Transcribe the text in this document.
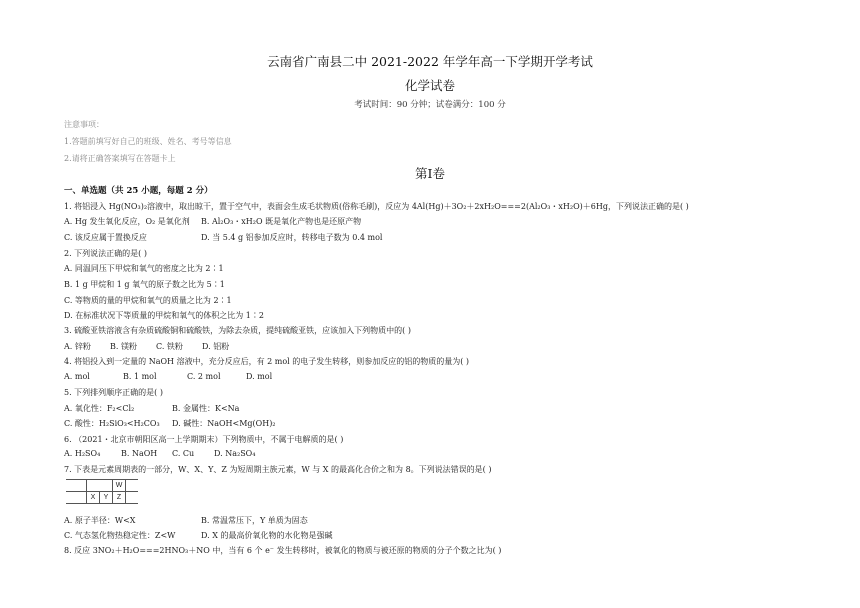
云南省广南县二中 2021-2022 年学年高一下学期开学考试
化学试卷
考试时间：90 分钟；试卷满分：100 分
注意事项：
1.答题前填写好自己的班级、姓名、考号等信息
2.请将正确答案填写在答题卡上
第Ⅰ卷
一、单选题（共 25 小题，每题 2 分）
1. 将铝浸入 Hg(NO₃)₂溶液中，取出晾干，置于空气中，表面会生成毛状物质(俗称毛刷)，反应为 4Al(Hg)＋3O₂＋2xH₂O===2(Al₂O₃・xH₂O)＋6Hg，下列说法正确的是( )
A. Hg 发生氧化反应，O₂ 是氧化剂 B. Al₂O₃・xH₂O 既是氧化产物也是还原产物
C. 该反应属于置换反应	D. 当 5.4 g 铝参加反应时，转移电子数为 0.4 mol
2. 下列说法正确的是( )
A. 同温同压下甲烷和氧气的密度之比为 2∶1
B. 1 g 甲烷和 1 g 氧气的原子数之比为 5∶1
C. 等物质的量的甲烷和氧气的质量之比为 2∶1
D. 在标准状况下等质量的甲烷和氧气的体积之比为 1∶2
3. 硫酸亚铁溶液含有杂质硫酸铜和硫酸铁，为除去杂质，提纯硫酸亚铁，应该加入下列物质中的( )
A. 锌粉 B. 镁粉 C. 铁粉 D. 铝粉
4. 将铝投入到一定量的 NaOH 溶液中，充分反应后，有 2 mol 的电子发生转移，则参加反应的铝的物质的量为( )
A. mol	B. 1 mol	C. 2 mol	D. mol
5. 下列排列顺序正确的是( )
A. 氧化性：F₂<Cl₂	B. 金属性：K<Na
C. 酸性：H₂SiO₃<H₂CO₃ D. 碱性：NaOH<Mg(OH)₂
6. （2021・北京市朝阳区高一上学期期末）下列物质中，不属于电解质的是( )
A. H₂SO₄	B. NaOH C. Cu D. Na₂SO₄
7. 下表是元素周期表的一部分，W、X、Y、Z 为短周期主族元素，W 与 X 的最高化合价之和为 8。下列说法错误的是( )
			W	
	X	Y	Z	
A. 原子半径：W<X	B. 常温常压下，Y 单质为固态
C. 气态氢化物热稳定性：Z<W	D. X 的最高价氧化物的水化物是强碱
8. 反应 3NO₂＋H₂O===2HNO₃＋NO 中，当有 6 个 e⁻ 发生转移时，被氧化的物质与被还原的物质的分子个数之比为( )
